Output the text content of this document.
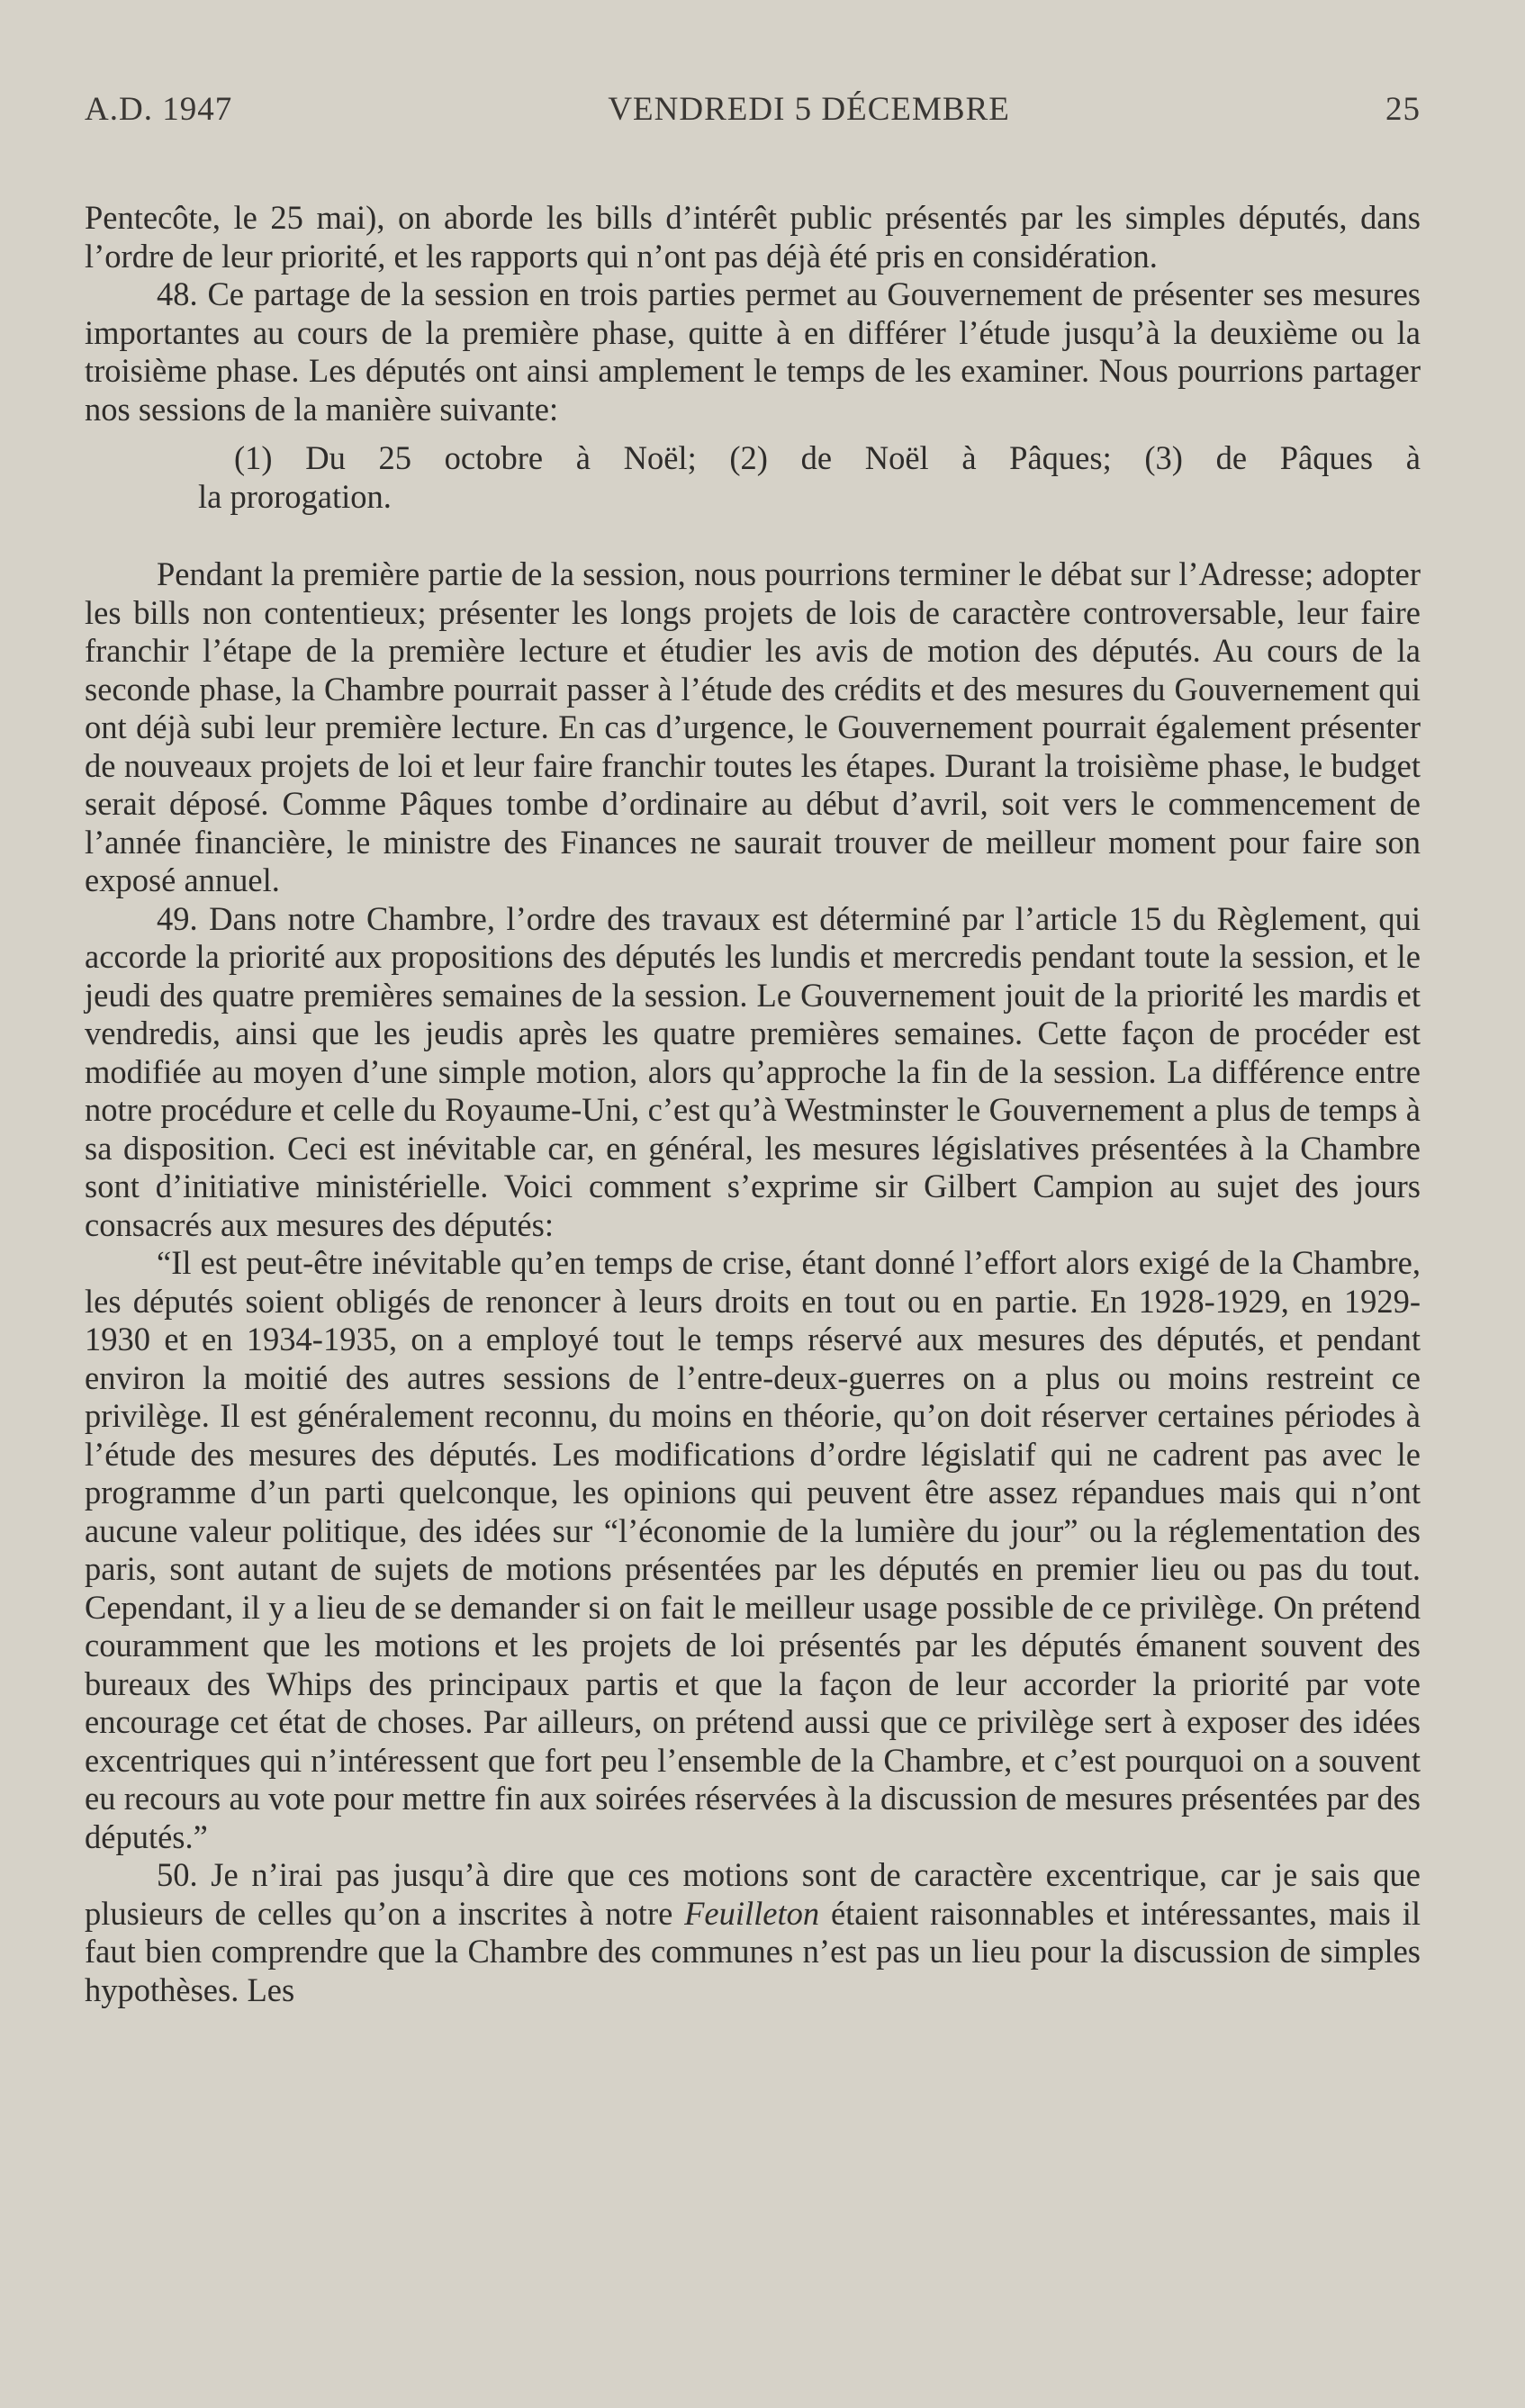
A.D. 1947	VENDREDI 5 DÉCEMBRE	25

Pentecôte, le 25 mai), on aborde les bills d’intérêt public présentés par les simples députés, dans l’ordre de leur priorité, et les rapports qui n’ont pas déjà été pris en considération.

48. Ce partage de la session en trois parties permet au Gouvernement de présenter ses mesures importantes au cours de la première phase, quitte à en différer l’étude jusqu’à la deuxième ou la troisième phase. Les députés ont ainsi amplement le temps de les examiner. Nous pourrions partager nos sessions de la manière suivante:

(1) Du 25 octobre à Noël; (2) de Noël à Pâques; (3) de Pâques à
la prorogation.

Pendant la première partie de la session, nous pourrions terminer le débat sur l’Adresse; adopter les bills non contentieux; présenter les longs projets de lois de caractère controversable, leur faire franchir l’étape de la première lecture et étudier les avis de motion des députés. Au cours de la seconde phase, la Chambre pourrait passer à l’étude des crédits et des mesures du Gouvernement qui ont déjà subi leur première lecture. En cas d’urgence, le Gouvernement pourrait également présenter de nouveaux projets de loi et leur faire franchir toutes les étapes. Durant la troisième phase, le budget serait déposé. Comme Pâques tombe d’ordinaire au début d’avril, soit vers le commencement de l’année financière, le ministre des Finances ne saurait trouver de meilleur moment pour faire son exposé annuel.

49. Dans notre Chambre, l’ordre des travaux est déterminé par l’article 15 du Règlement, qui accorde la priorité aux propositions des députés les lundis et mercredis pendant toute la session, et le jeudi des quatre premières semaines de la session. Le Gouvernement jouit de la priorité les mardis et vendredis, ainsi que les jeudis après les quatre premières semaines. Cette façon de procéder est modifiée au moyen d’une simple motion, alors qu’approche la fin de la session. La différence entre notre procédure et celle du Royaume-Uni, c’est qu’à Westminster le Gouvernement a plus de temps à sa disposition. Ceci est inévitable car, en général, les mesures législatives présentées à la Chambre sont d’initiative ministérielle. Voici comment s’exprime sir Gilbert Campion au sujet des jours consacrés aux mesures des députés:

“Il est peut-être inévitable qu’en temps de crise, étant donné l’effort alors exigé de la Chambre, les députés soient obligés de renoncer à leurs droits en tout ou en partie. En 1928-1929, en 1929-1930 et en 1934-1935, on a employé tout le temps réservé aux mesures des députés, et pendant environ la moitié des autres sessions de l’entre-deux-guerres on a plus ou moins restreint ce privilège. Il est généralement reconnu, du moins en théorie, qu’on doit réserver certaines périodes à l’étude des mesures des députés. Les modifications d’ordre législatif qui ne cadrent pas avec le programme d’un parti quelconque, les opinions qui peuvent être assez répandues mais qui n’ont aucune valeur politique, des idées sur “l’économie de la lumière du jour” ou la réglementation des paris, sont autant de sujets de motions présentées par les députés en premier lieu ou pas du tout. Cependant, il y a lieu de se demander si on fait le meilleur usage possible de ce privilège. On prétend couramment que les motions et les projets de loi présentés par les députés émanent souvent des bureaux des Whips des principaux partis et que la façon de leur accorder la priorité par vote encourage cet état de choses. Par ailleurs, on prétend aussi que ce privilège sert à exposer des idées excentriques qui n’intéressent que fort peu l’ensemble de la Chambre, et c’est pourquoi on a souvent eu recours au vote pour mettre fin aux soirées réservées à la discussion de mesures présentées par des députés.”

50. Je n’irai pas jusqu’à dire que ces motions sont de caractère excentrique, car je sais que plusieurs de celles qu’on a inscrites à notre Feuilleton étaient raisonnables et intéressantes, mais il faut bien comprendre que la Chambre des communes n’est pas un lieu pour la discussion de simples hypothèses. Les
